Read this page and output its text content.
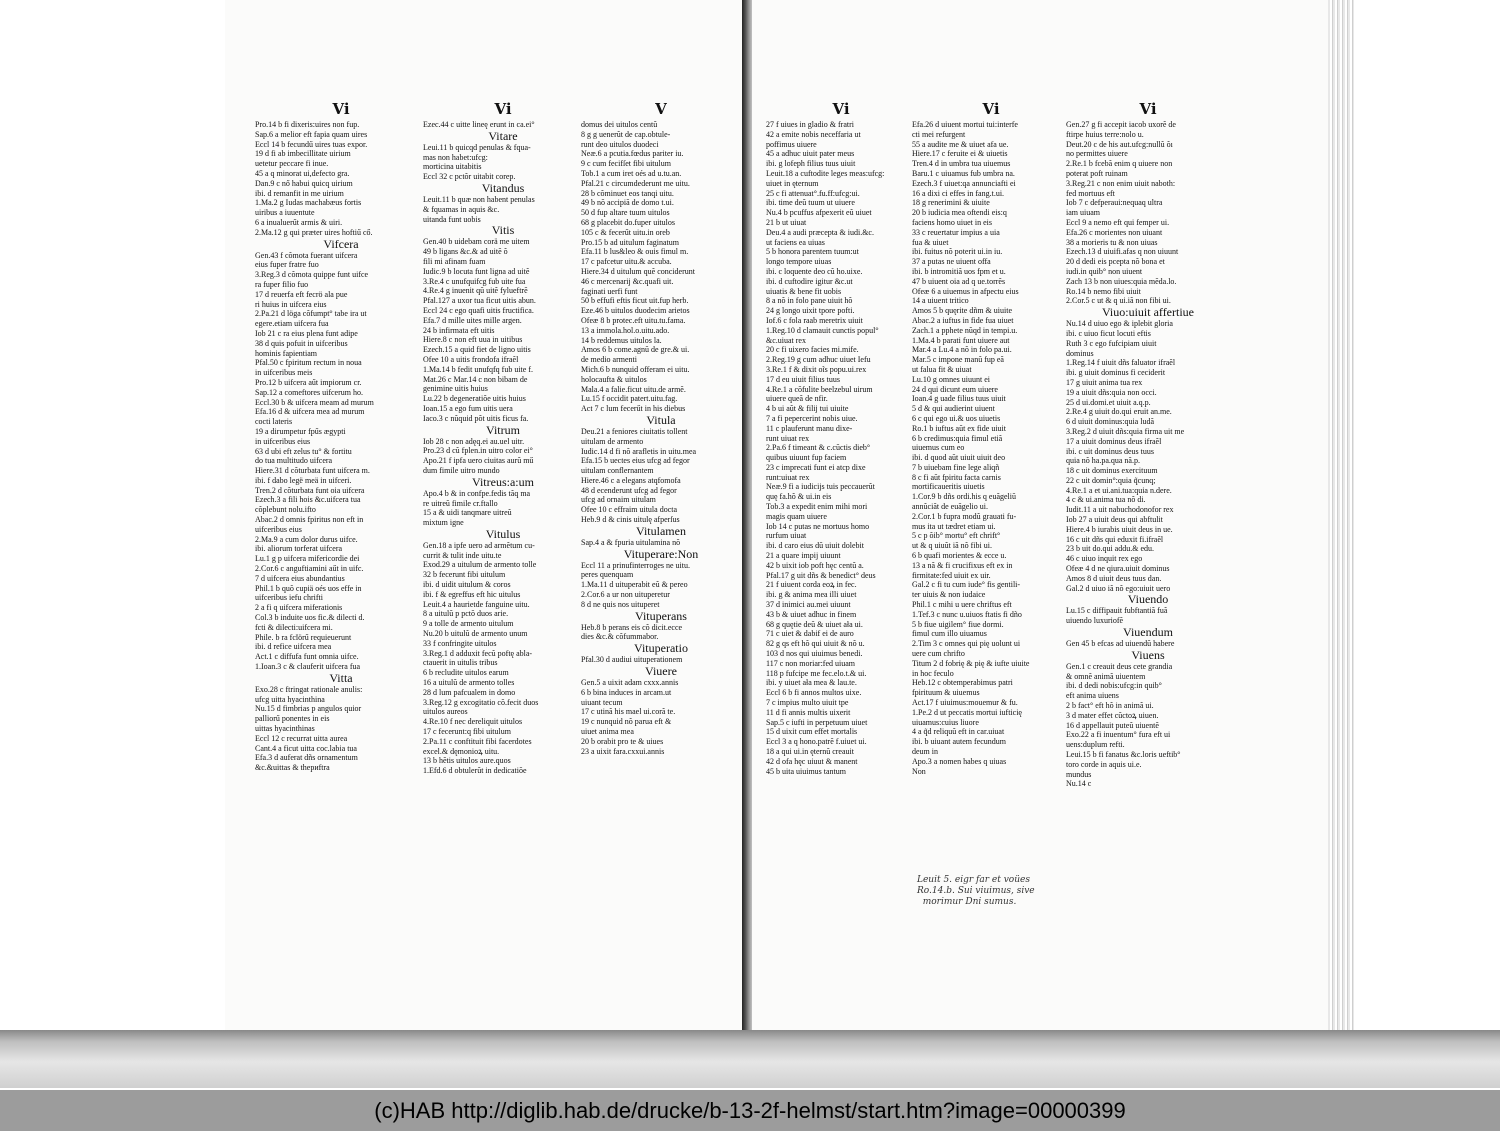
Vi
Pro.14 b fi dixeris:uires non fup.
Sap.6 a melior eft fapia quam uires
Eccl 14 b fecundű uires tuas expor.
19 d fi ab imbecillitate uirium
uetetur peccare fi inue.
45 a q minorat ui,defecto gra.
Dan.9 c nő habui quicq uirium
ibi. d remanfit in me uirium
1.Ma.2 g Iudas machabæus fortis
uiribus a iuuentute
6 a inualuerűt armis & uiri.
2.Ma.12 g qui præter uires hoftiű cő.
Vifcera
Gen.43 f cõmota fuerant uifcera
eius fuper fratre fuo
3.Reg.3 d cõmota quippe funt uifce
ra fuper filio fuo
17 d reuerfa eft fecrö ala pue
ri huius in uifcera eius
2.Pa.21 d löga cõfumpt° tabe ira ut
egere.etiam uifcera fua
Iob 21 c ra eius plena funt adipe
38 d quis pofuit in uifceribus
hominis fapientiam
Pfal.50 c fpiritum rectum in noua
in uifceribus meis
Pro.12 b uifcera aűt impiorum cr.
Sap.12 a comeftores uifcerum ho.
Eccl.30 b & uifcera meam ad murum
Efa.16 d & uifcera mea ad murum
cocti lateris
19 a dirumpetur fpűs ægypti
in uifceribus eius
63 d ubi eft zelus tu° & fortitu
do tua multitudo uifcera
Hiere.31 d cõturbata funt uifcera m.
ibi. f dabo legë meä in uifceri.
Tren.2 d cõturbata funt oia uifcera
Ezech.3 a fili hois &c.uifcera tua
cõplebunt nolu.ifto
Abac.2 d omnis fpiritus non eft in
uifceribus eius
2.Ma.9 a cum dolor durus uifce.
ibi. aliorum torferat uifcera
Lu.1 g p uifcera mifericordie dei
2.Cor.6 c anguftiamini aűt in uifc.
7 d uifcera eius abundantius
Phil.1 b quõ cupiä oés uos effe in
uifceribus iefu chrifti
2 a fi q uifcera miferationis
Col.3 b induite uos fic.& dilecti d.
fcti & dilecti:uifcera mi.
Phile. b ra fcĭörű requieuerunt
ibi. d refice uifcera mea
Act.1 c diffufa funt omnia uifce.
1.Ioan.3 c & clauferit uifcera fua
Vitta
Exo.28 c ftringat rationale anulis:
ufcg uitta hyacinthina
Nu.15 d fimbrias p angulos quior
palliorű ponentes in eis
uittas hyacinthinas
Eccl 12 c recurrat uitta aurea
Cant.4 a ficut uitta coc.labia tua
Efa.3 d auferat dñs ornamentum
&c.&uittas & thериftra
Vi
Ezec.44 c uitte lineę erunt in ca.ei°
Vitare
Leui.11 b quicqd penulas & fqua-
mas non habet:ufcg:
morticina uitabitis
Eccl 32 c pctõr uitabit corep.
Vitandus
Leuit.11 b quæ non habent penulas
& fquamas in aquis &c.
uitanda funt uobis
Vitis
Gen.40 b uidebam corä me uitem
49 b ligans &c.& ad uitẽ õ
fili mi afinam fuam
Iudic.9 b locuta funt ligna ad uitẽ
3.Re.4 c unufquifcg fub uite fua
4.Re.4 g inuenit qũ uitẽ fylueftrẽ
Pfal.127 a uxor tua ficut uitis abun.
Eccl 24 c ego quafi uitis fructifica.
Efa.7 d mille uites mille argen.
24 b infirmata eft uitis
Hiere.8 c non eft uua in uitibus
Ezech.15 a quid fiet de ligno uitis
Ofee 10 a uitis frondofa ifraẽl
1.Ma.14 b fedit unufqfq fub uite f.
Mat.26 c Mar.14 c non bibam de
genimine uitis huius
Lu.22 b degeneratiõe uitis huius
Ioan.15 a ego fum uitis uera
Iaco.3 c nũquid põt uitis ficus fa.
Vitrum
Iob 28 c non adęq.ei au.uel uitr.
Pro.23 d cũ fplen.in uitro color ei°
Apo.21 f ipfa uero ciuitas aurũ mű
dum fimile uitro mundo
Vitreus:a:um
Apo.4 b & in confpe.fedis tãq ma
re uitreũ fimile cr.ftallo
15 a & uidi tanqmare uitreũ
mixtum igne
Vitulus
Gen.18 a ipfe uero ad armẽtum cu-
currit & tulit inde uitu.te
Exod.29 a uitulum de armento tolle
32 b fecerunt fibi uitulum
ibi. d uidit uitulum & coros
ibi. f & egreffus eft hic uitulus
Leuit.4 a haurietde fanguine uitu.
8 a uitulũ p pctõ duos arie.
9 a tolle de armento uitulum
Nu.20 b uitulũ de armento unum
33 f confringite uitulos
3.Reg.1 d adduxit fecũ poftę abla-
ctauerit in uitulis tribus
6 b recludite uitulos earum
16 a uitulũ de armento tolles
28 d lum pafcualem in domo
3.Reg.12 g excogitatio cõ.fecit duos
uitulos aureos
4.Re.10 f nec dereliquit uitulos
17 c fecerunt:q fibi uitulum
2.Pa.11 c conftituit fibi facerdotes
excel.& dęmonioꝝ uitu.
13 b hẽtis uitulos aure.quos
1.Efd.6 d obtulerũt in dedicatiõe
V
domus dei uitulos centũ
8 g g uenerũt de cap.obtule-
runt deo uitulos duodeci
Neæ.6 a pcutia.fœdus pariter iu.
9 c cum fecifſet fibi uitulum
Tob.1 a cum iret oés ad u.tu.an.
Pfal.21 c circumdederunt me uitu.
28 b cõminuet eos tanqi uitu.
49 b nõ accipiã de domo t.ui.
50 d fup altare tuum uitulos
68 g placebit do.fuper uitulos
105 c & fecerűt uitu.in oreb
Pro.15 b ad uitulum faginatum
Efa.11 b lus&leo & ouis fimul m.
17 c pafcetur uitu.& accuba.
Hiere.34 d uitulum quẽ conciderunt
46 c mercenarij &c.quafi uit.
faginati uerfi funt
50 b effufi eftis ficut uit.fup herb.
Eze.46 b uitulos duodecim arietos
Ofeæ 8 b protec.eft uitu.tu.fama.
13 a immola.hol.o.uitu.ado.
14 b reddemus uitulos la.
Amos 6 b come.agnũ de gre.& ui.
de medio armenti
Mich.6 b nunquid offeram ei uitu.
holocaufta & uitulos
Mala.4 a falie.ficut uitu.de armẽ.
Lu.15 f occidit patert.uitu.fag.
Act 7 c lum fecerűt in his diebus
Vitula
Deu.21 a feniores ciuitatis tollent
uitulam de armento
Iudic.14 d fi nõ arafletis in uitu.mea
Efa.15 b uectes eius ufcg ad fegor
uitulam conflernantem
Hiere.46 c a elegans atqfomofa
48 d ecenderunt ufcg ad fegor
ufcg ad ornaim uitulam
Ofee 10 c effraim uitula docta
Heb.9 d & cinis uitulę afperſus
Vitulamen
Sap.4 a & fpuria uitulamina nõ
Vituperare:Non
Eccl 11 a prinufinterroges ne uitu.
peres quenquam
1.Ma.11 d uituperabit eũ & pereo
2.Cor.6 a ur non uituperetur
8 d ne quis nos uituperet
Vituperans
Heb.8 b perans eis cõ dicit.ecce
dies &c.& cõfummabor.
Vituperatio
Pfal.30 d audiui uituperationem
Viuere
Gen.5 a uixit adam cxxx.annis
6 b bina induces in arcam.ut
uiuant tecum
17 c utinã his mael ui.corã te.
19 c nunquid nõ parua eft &
uiuet anima mea
20 b orabit pro te & uiues
23 a uixit fara.cxxui.annis
Vi
27 f uiues in gladio & fratri
42 a emite nobis neceffaria ut
poffimus uiuere
45 a adhuc uiuit pater meus
ibi. g lofeph filius tuus uiuit
Leuit.18 a cuftodite leges meas:ufcg:
uiuet in ęternum
25 c fi attenuat°.fu.ff:ufcg:ui.
ibi. time deũ tuum ut uiuere
Nu.4 b pcuffus afpexerit eũ uiuet
21 b ut uiuat
Deu.4 a audi præcepta & iudi.&c.
ut faciens ea uiuas
5 b honora parentem tuum:ut
longo tempore uiuas
ibi. c loquente deo cũ ho.uixe.
ibi. d cuftodire igitur &c.ut
uiuatis & bene fit uobis
8 a nõ in folo pane uiuit hõ
24 g longo uixit tpore pofti.
Iof.6 c fola raab meretrix uiuit
1.Reg.10 d clamauit cunctis popul°
&c.uiuat rex
20 c fi uixero facies mi.mife.
2.Reg.19 g cum adhuc uiuet Iefu
3.Re.1 f & dixit oĩs popu.ui.rex
17 d eu uiuit filius tuus
4.Re.1 a cõfulite beelzebul uirum
uiuere queã de nfir.
4 b ui aũt & filij tui uiuite
7 a fi pepercerint nobis uiue.
11 c plauferunt manu dixe-
runt uiuat rex
2.Pa.6 f timeant & c.cũctis dieb°
quibus uiuunt fup faciem
23 c imprecati funt ei atcp dixe
runt:uiuat rex
Neæ.9 fi a iudicijs tuis peccauerũt
quę fa.hõ & ui.in eis
Tob.3 a expedit enim mihi mori
magis quam uiuere
Iob 14 c putas ne mortuus homo
rurfum uiuat
ibi. d caro eius dũ uiuit dolebit
21 a quare impij uiuunt
42 b uixit iob poft hęc centũ a.
Pfal.17 g uit dñs & benedict° deus
21 f uiuent corda eoꝝ in fec.
ibi. g & anima mea illi uiuet
37 d inimici au.mei uiuunt
43 b & uiuet adhuc in finem
68 g quętie deũ & uiuet ała ui.
71 c uiet & dabif ei de auro
82 g qs eft hõ qui uiuit & nõ u.
103 d nos qui uiuimus benedi.
117 c non moriar:fed uiuam
118 p fufcipe me fec.elo.t.& ui.
ibi. y uiuet ała mea & lau.te.
Eccl 6 b fi annos multos uixe.
7 c impius multo uiuit tpe
11 d fi annis multis uixerit
Sap.5 c iufti in perpetuum uiuet
15 d uixit cum effet mortalis
Eccl 3 a q hono.patrẽ f.uiuet ui.
18 a qui ui.in ęternũ creauit
42 d ofa hęc uiuut & manent
45 b uita uiuimus tantum
Vi
Efa.26 d uiuent mortui tui:interfe
cti mei refurgent
55 a audite me & uiuet afa ue.
Hiere.17 c feruite ei & uiuetis
Tren.4 d in umbra tua uiuemus
Baru.1 c uiuamus fub umbra na.
Ezech.3 f uiuet:qa annunciafti ei
16 a dixi ci effes in fang.t.ui.
18 g renerimini & uiuite
20 b iudicia mea oftendi eis:q
faciens homo uiuet in eis
33 c reuertatur impius a uia
fua & uiuet
ibi. fuitus nõ poterit ui.in iu.
37 a putas ne uiuent offa
ibi. b intromitiã uos fpm et u.
47 b uiuent oia ad q ue.torrẽs
Ofeæ 6 a uiuemus in afpectu eius
14 a uiuent tritico
Amos 5 b quęrite dñm & uiuite
Abac.2 a iuftus in fide fua uiuet
Zach.1 a pphete nũqd in tempi.u.
1.Ma.4 b parati funt uiuere aut
Mar.4 a Lu.4 a nõ in folo pa.ui.
Mar.5 c impone manũ fup eã
ut falua fit & uiuat
Lu.10 g omnes uiuunt ei
24 d qui dicunt eum uiuere
Ioan.4 g uade filius tuus uiuit
5 d & qui audierint uiuent
6 c qui ego ui.& uos uiuetis
Ro.1 b iuftus aũt ex fide uiuit
6 b credimus:quia fimul etiã
uiuemus cum eo
ibi. d quod aũt uiuit uiuit deo
7 b uiuebam fine lege aliqñ
8 c fi aũt fpiritu facta carnis
mortificaueritis uiuetis
1.Cor.9 b dñs ordi.his q euãgeliũ
annũciãt de euãgelio ui.
2.Cor.1 b fupra modũ grauati fu-
mus ita ut tædret etiam ui.
5 c p õib° mortu° eft chrift°
ut & q uiuũt iã nõ fibi ui.
6 b quafi morientes & ecce u.
13 a nã & fi crucifixus eft ex in
firmitate:fed uiuit ex uir.
Gal.2 c fi tu cum iude° fis gentili-
ter uiuis & non iudaice
Phil.1 c mihi u uere chriftus eft
1.Tef.3 c nunc u.uiuos ftatis fi dño
5 b fiue uigilem° fiue dormi.
fimul cum illo uiuamus
2.Tim 3 c omnes qui pię uolunt ui
uere cum chrifto
Titum 2 d fobrię & pię & iufte uiuite
in hoc feculo
Heb.12 c obtemperabimus patri
fpirituum & uiuemus
Act.17 f uiuimus:mouemur & fu.
1.Pe.2 d ut peccatis mortui iufticię
uiuamus:cuius liuore
4 a q̃d reliquũ eft in car.uiuat
ibi. b uiuant autem fecundum
deum in
Apo.3 a nomen habes q uiuas
Non
Vi
Gen.27 g fi accepit iacob uxorẽ de
ftirpe huius terre:nolo u.
Deut.20 c de his aut.ufcg:nullũ õı
no permittes uiuere
2.Re.1 b fcebã enim q uiuere non
poterat poft ruinam
3.Reg.21 c non enim uiuit naboth:
fed mortuus eft
Iob 7 c defperaui:nequaq ultra
iam uiuam
Eccl 9 a nemo eft qui femper ui.
Efa.26 c morientes non uiuant
38 a morieris tu & non uiuas
Ezech.13 d uiuifi.afas q non uiuunt
20 d dedi eis pcepta nõ bona et
iudi.in quib° non uiuent
Zach 13 b non uiues:quia mẽda.lo.
Ro.14 b nemo fibi uiuit
2.Cor.5 c ut & q ui.iã non fibi ui.
Viuo:uiuit affertiue
Nu.14 d uiuo ego & iplebit gloria
ibi. c uiuo ficut locuti eftis
Ruth 3 c ego fufcipiam uiuit
dominus
1.Reg.14 f uiuit dñs faluator ifraẽl
ibi. g uiuit dominus fi ceciderit
17 g uiuit anima tua rex
19 a uiuit dñs:quia non occi.
25 d ui.domi.et uiuit a.q.p.
2.Re.4 g uiuit do.qui eruit an.me.
6 d uiuit dominus:quia ludã
3.Reg.2 d uiuit dñs:quia firma uit me
17 a uiuit dominus deus ifraẽl
ibi. c uit dominus deus tuus
quia nõ ha.pa.qua nã.p.
18 c uit dominus exercituum
22 c uit domin°:quia q̃cunq;
4.Re.1 a et ui.ani.tua:quia n.dere.
4 c & ui.anima tua nõ di.
Iudit.11 a uit nabuchodonofor rex
Iob 27 a uiuit deus qui abftulit
Hiere.4 b iurabis uiuit deus in ue.
16 c uit dñs qui eduxit fi.ifraẽl
23 b uit do.qui addu.& edu.
46 c uiuo inquit rex ego
Ofeæ 4 d ne qiura.uiuit dominus
Amos 8 d uiuit deus tuus dan.
Gal.2 d uiuo iã nõ ego:uiuit uero
Viuendo
Lu.15 c diffipauit fubftantiã fuã
uiuendo luxuriofẽ
Viuendum
Gen 45 b efcas ad uiuendũ habere
Viuens
Gen.1 c creauit deus cete grandia
& omnẽ animã uiuentem
ibi. d dedi nobis:ufcg:in quib°
eft anima uiuens
2 b fact° eft hõ in animã ui.
3 d mater effet cũctoꝝ uiuen.
16 d appellauit puteũ uiuentẽ
Exo.22 a fi inuentum° fura eft ui
uens:duplum refti.
Leui.15 b fi fanatus &c.loris ueftib°
toro corde in aquis ui.e.
mundus
Nu.14 c
Leuit 5. eigr far et voües
Ro.14.b. Sui viuimus, sive
morimur Dni sumus.
(c)HAB http://diglib.hab.de/drucke/b-13-2f-helmst/start.htm?image=00000399
